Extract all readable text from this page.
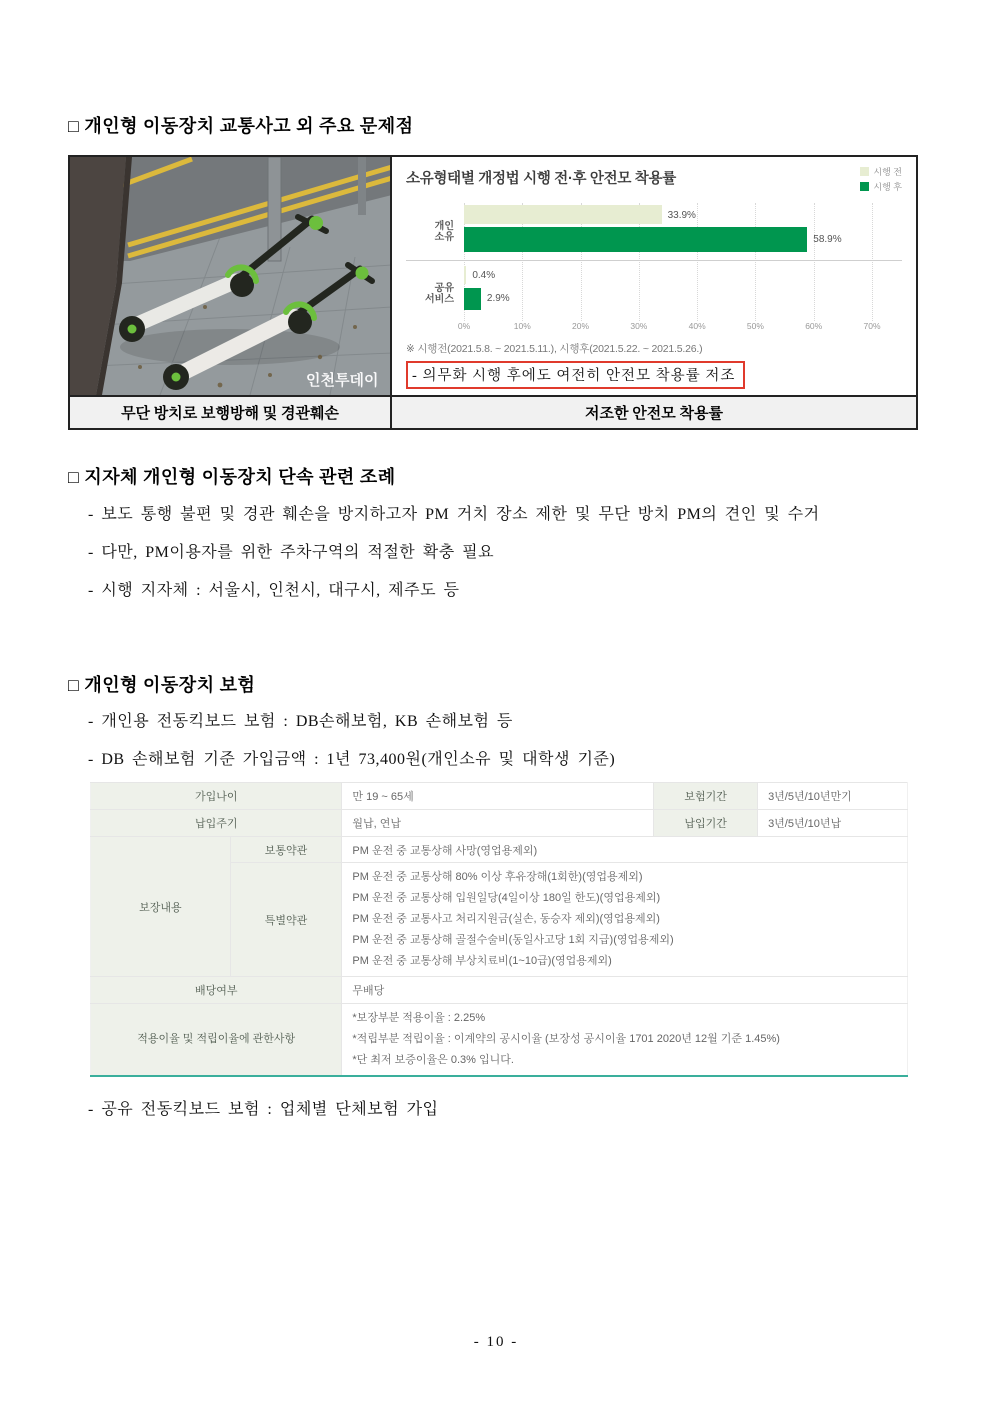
□ 개인형 이동장치 교통사고 외 주요 문제점
인천투데이
소유형태별 개정법 시행 전·후 안전모 착용률	시행 전
시행 후
개인
소유
33.9%
58.9%
공유
서비스
0.4%
2.9%
0%	10%	20%	30%	40%	50%	60%	70%
※ 시행전(2021.5.8. ~ 2021.5.11.), 시행후(2021.5.22. ~ 2021.5.26.)
- 의무화 시행 후에도 여전히 안전모 착용률 저조
무단 방치로 보행방해 및 경관훼손	저조한 안전모 착용률
□ 지자체 개인형 이동장치 단속 관련 조례
- 보도 통행 불편 및 경관 훼손을 방지하고자 PM 거치 장소 제한 및 무단 방치 PM의 견인 및 수거
- 다만, PM이용자를 위한 주차구역의 적절한 확충 필요
- 시행 지자체 : 서울시, 인천시, 대구시, 제주도 등
□ 개인형 이동장치 보험
- 개인용 전동킥보드 보험 : DB손해보험, KB 손해보험 등
- DB 손해보험 기준 가입금액 : 1년 73,400원(개인소유 및 대학생 기준)
가입나이		만 19 ~ 65세	보험기간	3년/5년/10년만기
납입주기		월납, 연납	납입기간	3년/5년/10년납
보장내용	보통약관	PM 운전 중 교통상해 사망(영업용제외)		
	특별약관	PM 운전 중 교통상해 80% 이상 후유장해(1회한)(영업용제외)
PM 운전 중 교통상해 입원일당(4일이상 180일 한도)(영업용제외)
PM 운전 중 교통사고 처리지원금(실손, 동승자 제외)(영업용제외)
PM 운전 중 교통상해 골절수술비(동일사고당 1회 지급)(영업용제외)
PM 운전 중 교통상해 부상치료비(1~10급)(영업용제외)		

배당여부		무배당		
적용이율 및 적립이율에 관한사항		*보장부분 적용이율 : 2.25%
*적립부분 적립이율 : 이계약의 공시이율 (보장성 공시이율 1701 2020년 12월 기준 1.45%)
*단 최저 보증이율은 0.3% 입니다.		
- 공유 전동킥보드 보험 : 업체별 단체보험 가입
- 10 -
